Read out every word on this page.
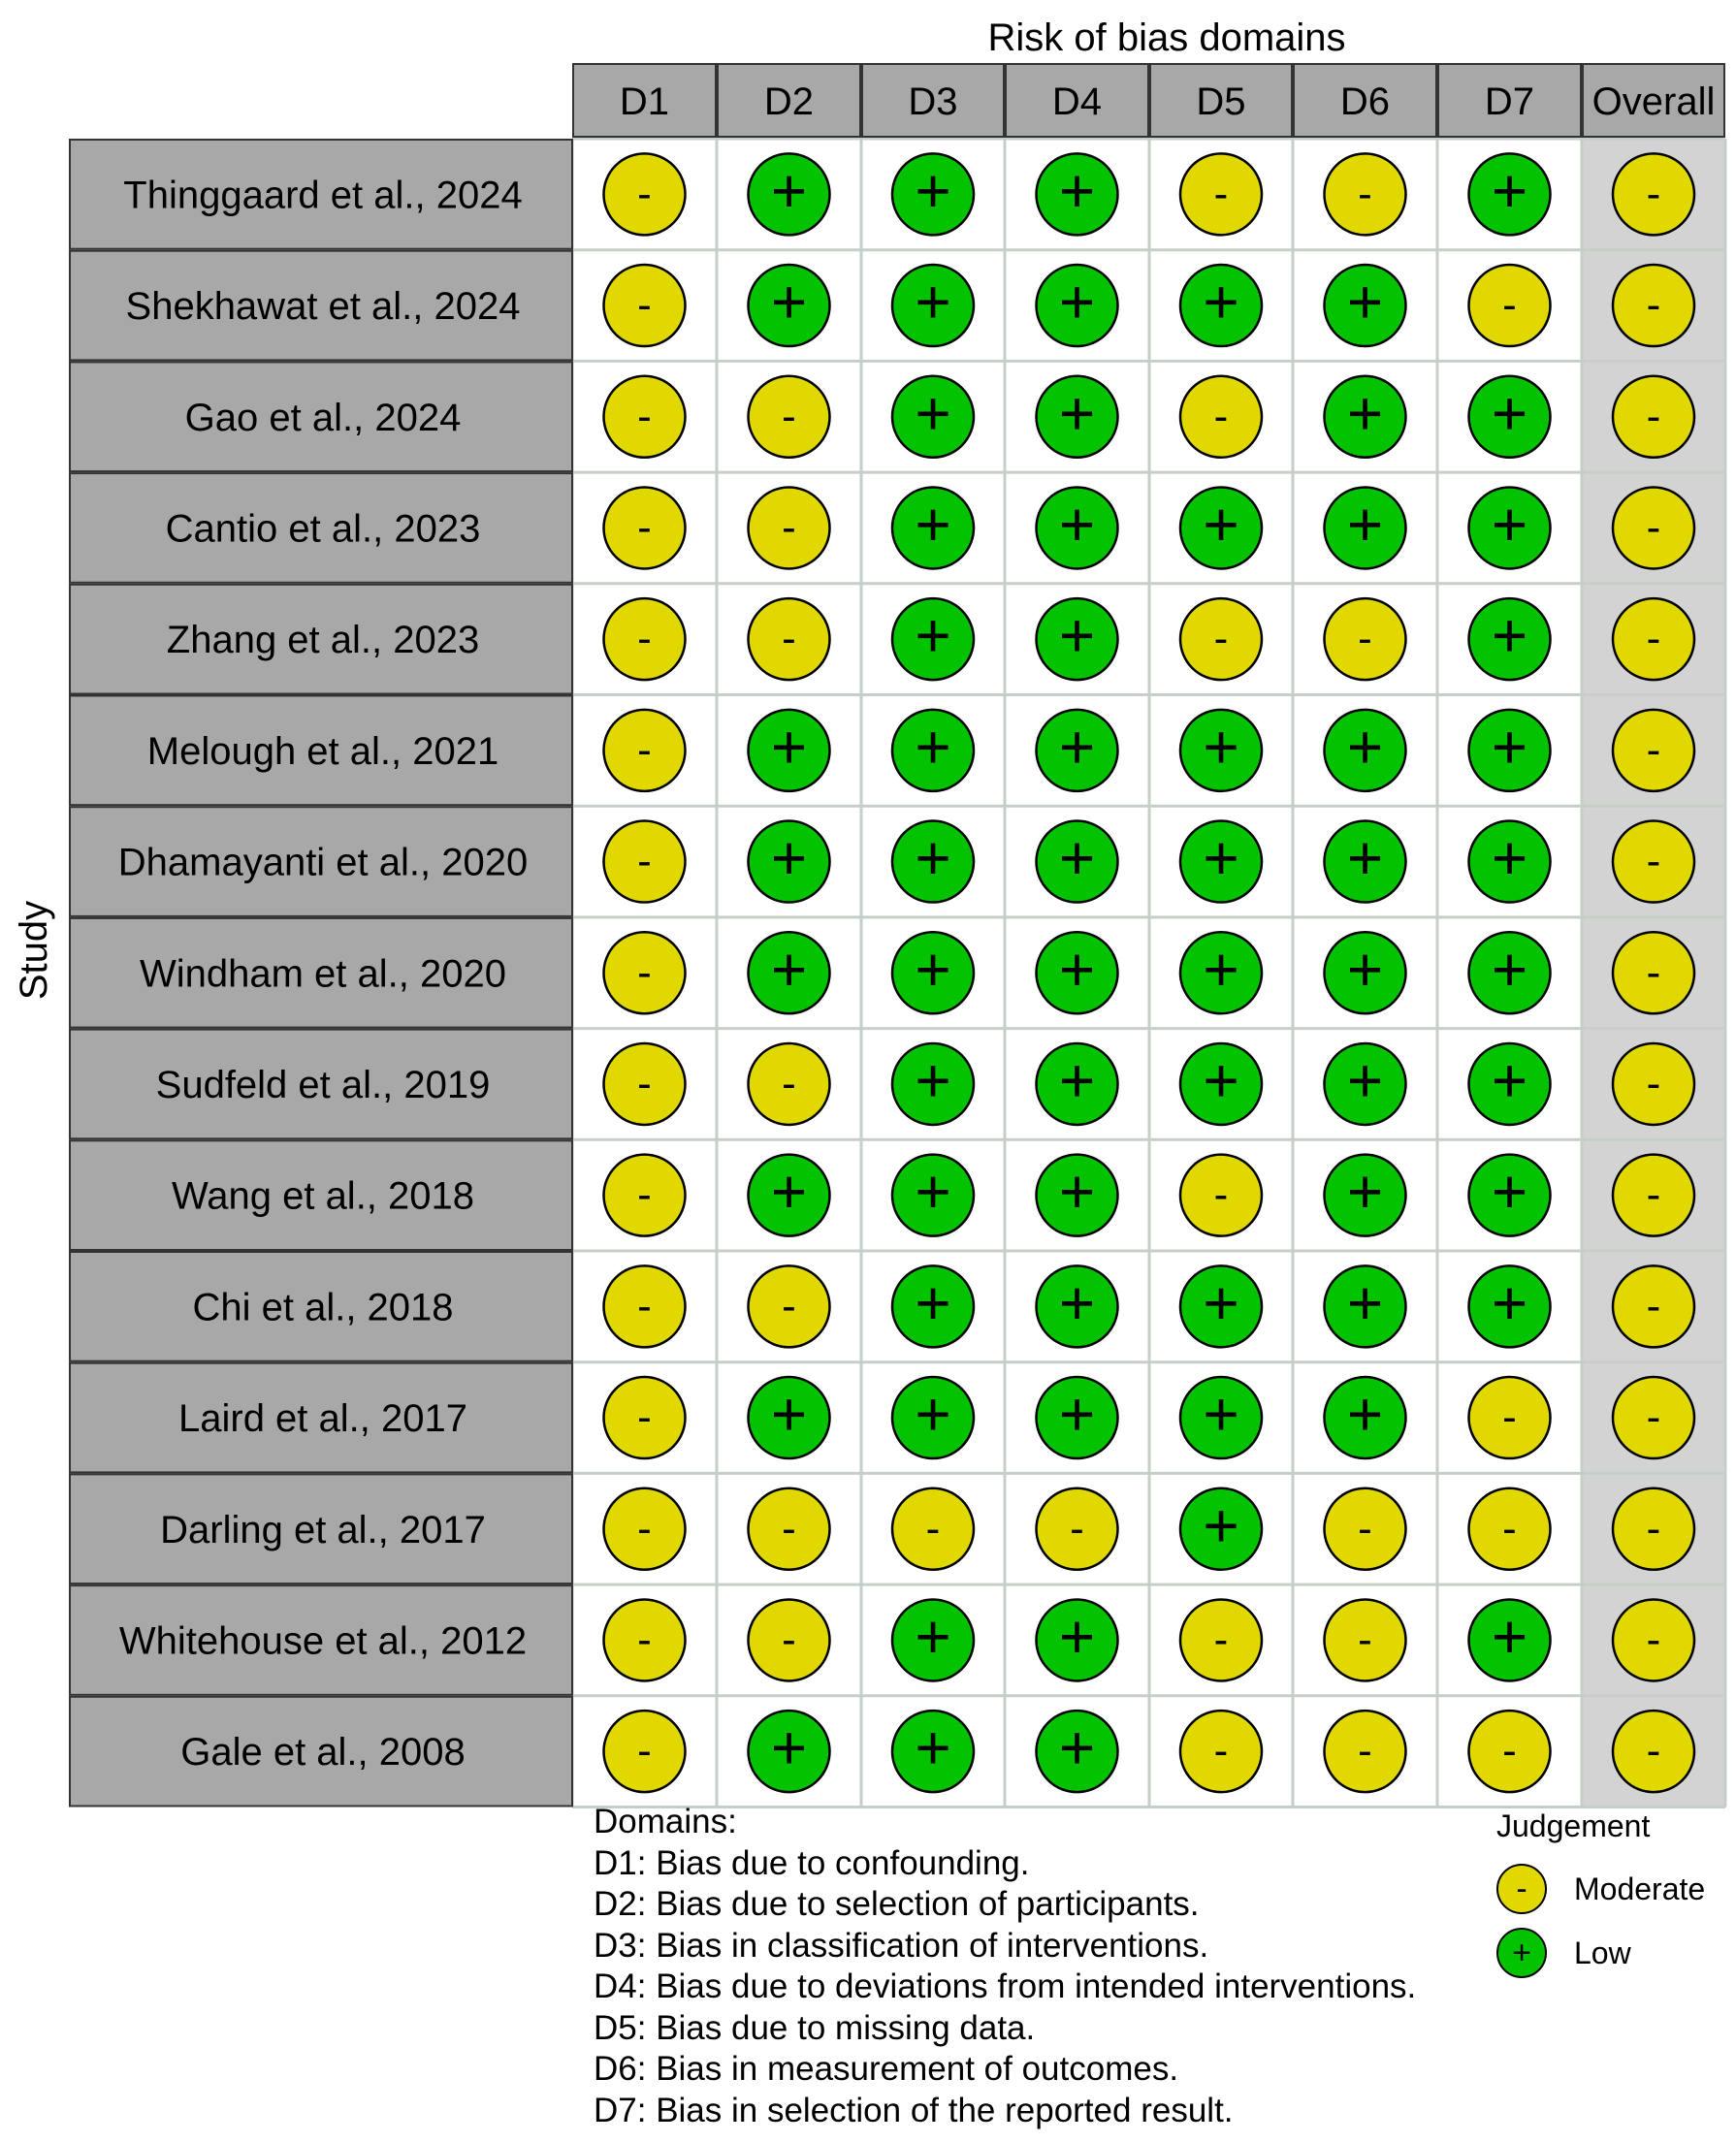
Risk of bias domains
Study
D1 D2 D3 D4 D5 D6 D7 Overall
Thinggaard et al., 2024	- + + +	-	- +	-
Shekhawat et al., 2024	- + + + + +	-	-
Gao et al., 2024	-	- + +	- + +	-
Cantio et al., 2023	-	- + + + + +	-
Zhang et al., 2023	-	- + +	-	- +	-
Melough et al., 2021	- + + + + + +	-
Dhamayanti et al., 2020	- + + + + + +	-
Windham et al., 2020	- + + + + + +	-
Sudfeld et al., 2019	-	- + + + + +	-
Wang et al., 2018	- + + +	- + +	-
Chi et al., 2018	-	- + + + + +	-
Laird et al., 2017	- + + + + +	-	-
Darling et al., 2017	-	-	-	- +	-	-	-
Whitehouse et al., 2012	-	- + +	-	- +	-
Gale et al., 2008	- + + +	-	-	-	-
Domains:
D1: Bias due to confounding.
D2: Bias due to selection of participants.
D3: Bias in classification of interventions.
D4: Bias due to deviations from intended interventions.
D5: Bias due to missing data.
D6: Bias in measurement of outcomes.
D7: Bias in selection of the reported result.
Judgement
-	Moderate
+	Low
